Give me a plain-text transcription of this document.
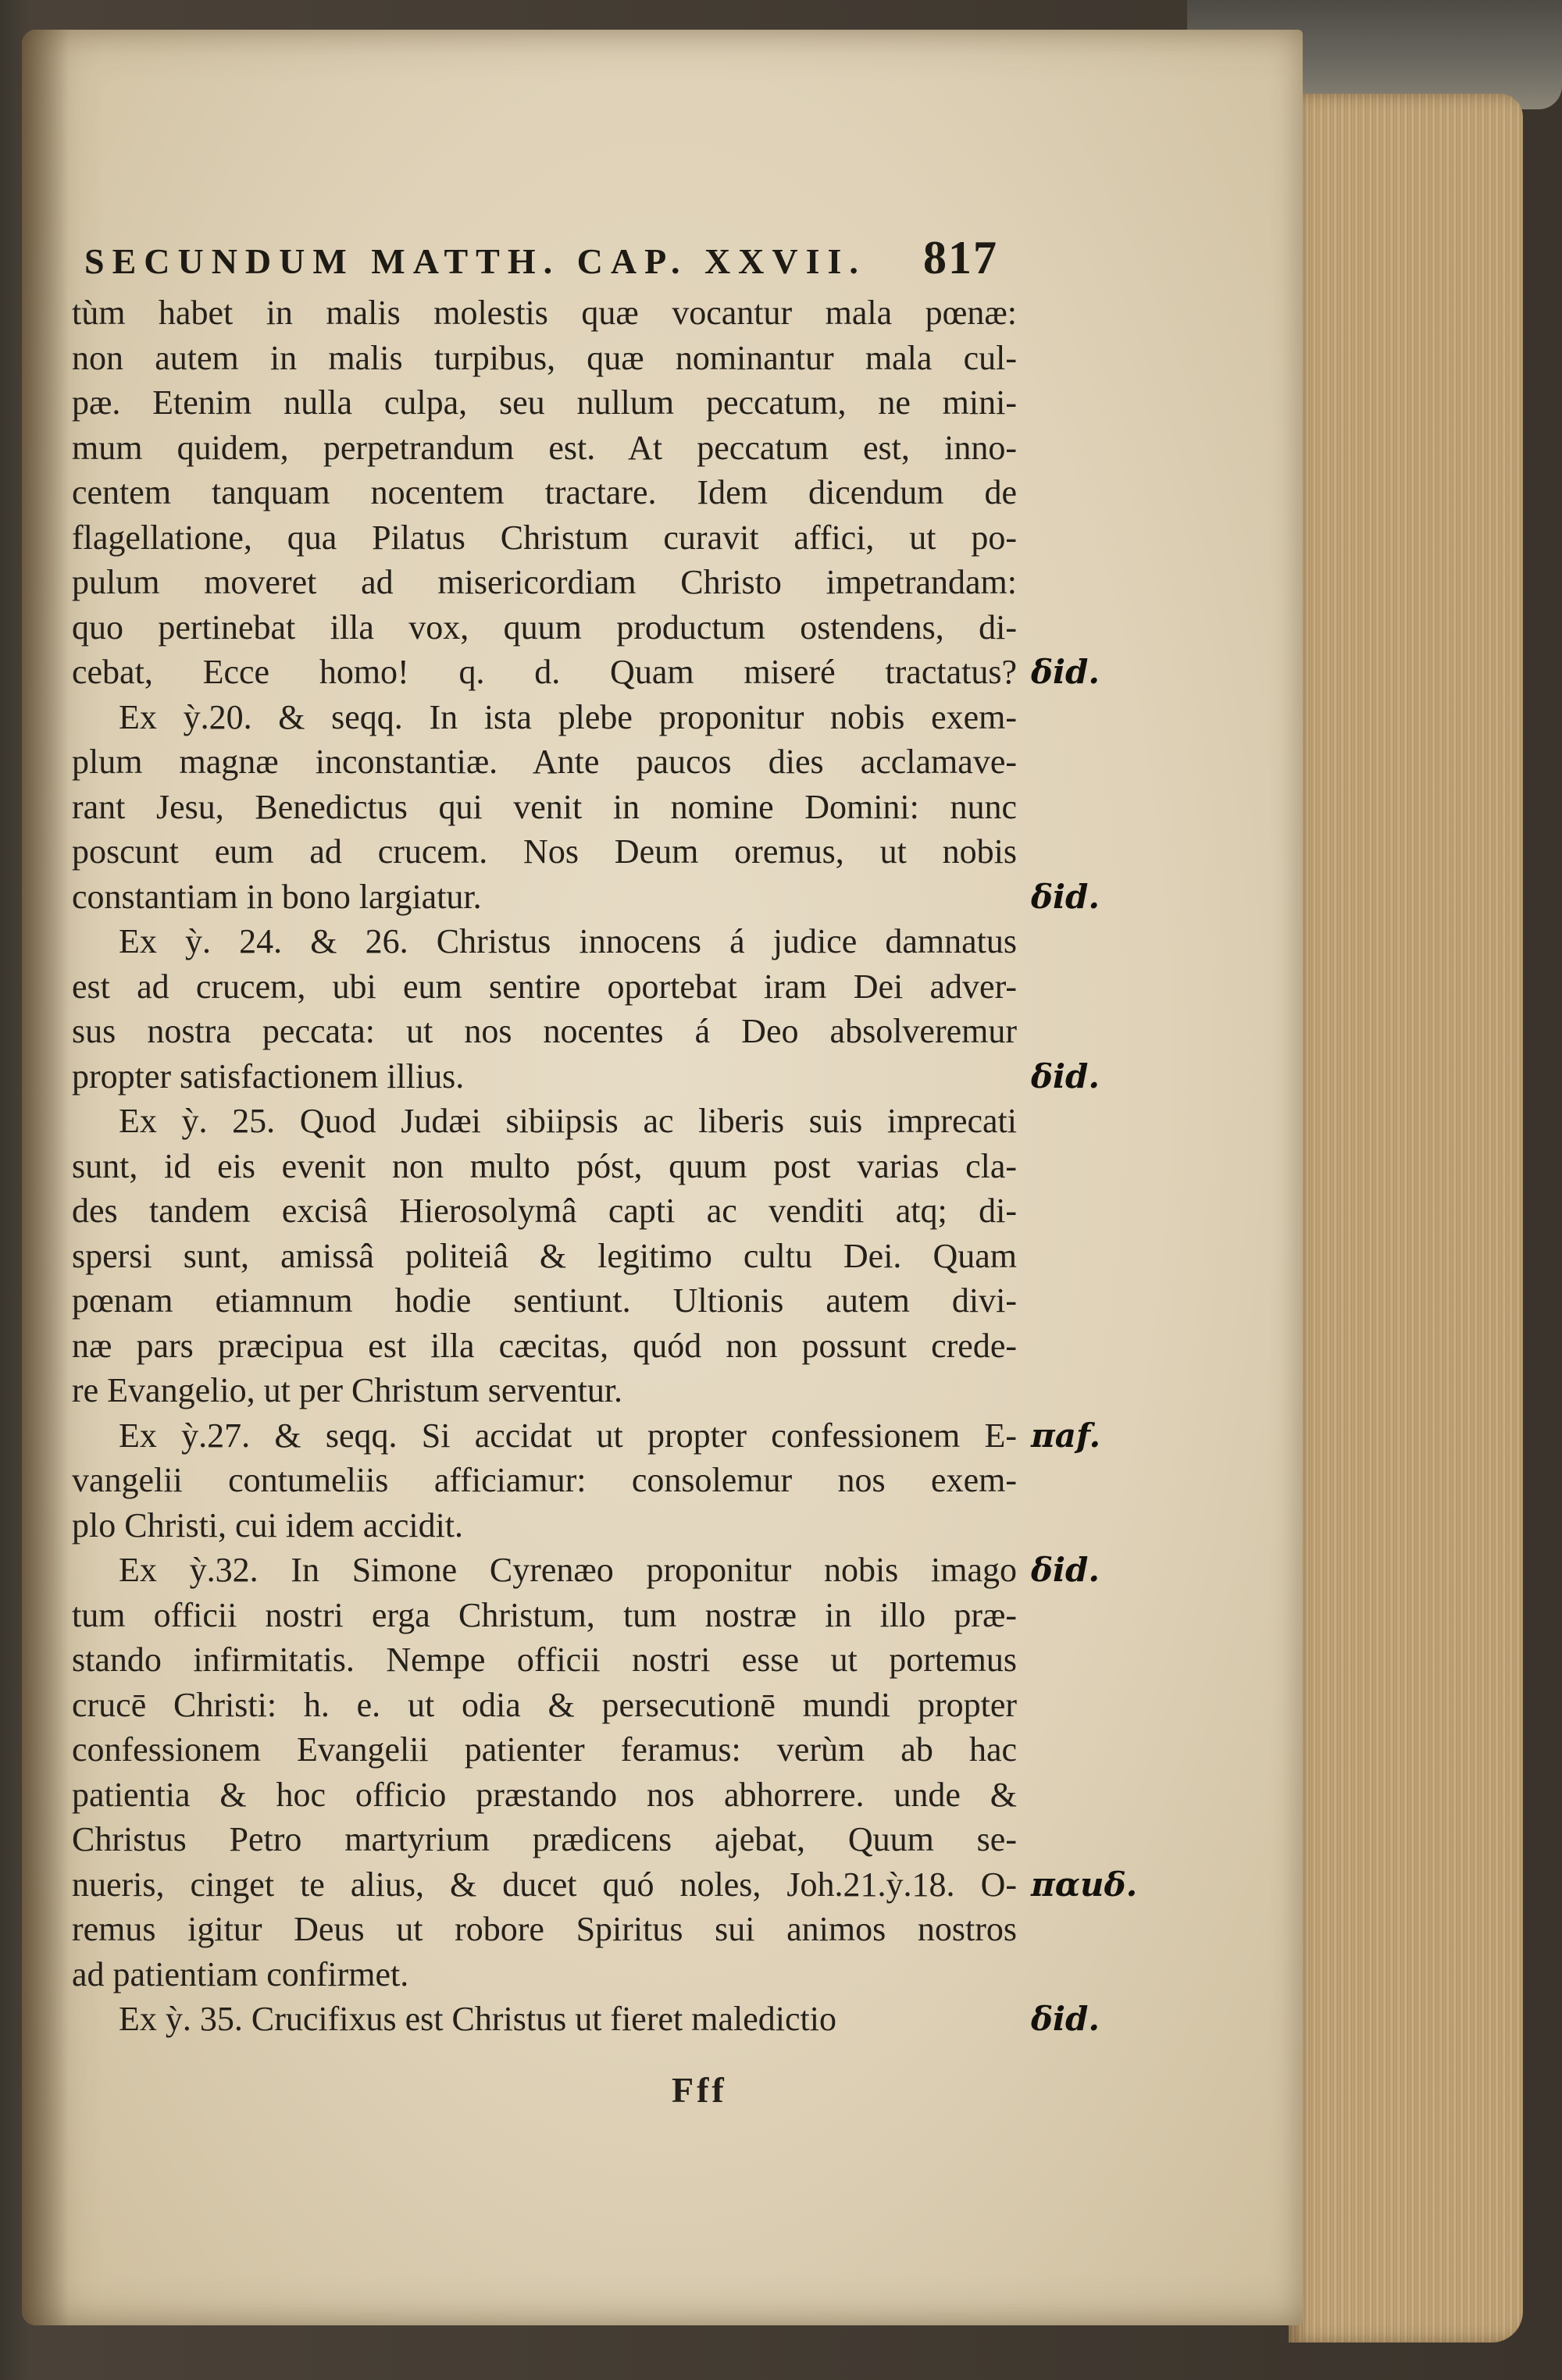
SECUNDUM MATTH. CAP. XXVII. 817
tùm habet in malis molestis quæ vocantur mala pœnæ:
non autem in malis turpibus, quæ nominantur mala cul-
pæ. Etenim nulla culpa, seu nullum peccatum, ne mini-
mum quidem, perpetrandum est. At peccatum est, inno-
centem tanquam nocentem tractare. Idem dicendum de
flagellatione, qua Pilatus Christum curavit affici, ut po-
pulum moveret ad misericordiam Christo impetrandam:
quo pertinebat illa vox, quum productum ostendens, di-
cebat, Ecce homo! q. d. Quam miseré tractatus?
Ex ỳ.20. & seqq. In ista plebe proponitur nobis exem-
plum magnæ inconstantiæ. Ante paucos dies acclamave-
rant Jesu, Benedictus qui venit in nomine Domini: nunc
poscunt eum ad crucem. Nos Deum oremus, ut nobis
constantiam in bono largiatur.
Ex ỳ. 24. & 26. Christus innocens á judice damnatus
est ad crucem, ubi eum sentire oportebat iram Dei adver-
sus nostra peccata: ut nos nocentes á Deo absolveremur
propter satisfactionem illius.
Ex ỳ. 25. Quod Judæi sibiipsis ac liberis suis imprecati
sunt, id eis evenit non multo póst, quum post varias cla-
des tandem excisâ Hierosolymâ capti ac venditi atq; di-
spersi sunt, amissâ politeiâ & legitimo cultu Dei. Quam
pœnam etiamnum hodie sentiunt. Ultionis autem divi-
næ pars præcipua est illa cæcitas, quód non possunt crede-
re Evangelio, ut per Christum serventur.
Ex ỳ.27. & seqq. Si accidat ut propter confessionem E-
vangelii contumeliis afficiamur: consolemur nos exem-
plo Christi, cui idem accidit.
Ex ỳ.32. In Simone Cyrenæo proponitur nobis imago
tum officii nostri erga Christum, tum nostræ in illo præ-
stando infirmitatis. Nempe officii nostri esse ut portemus
crucē Christi: h. e. ut odia & persecutionē mundi propter
confessionem Evangelii patienter feramus: verùm ab hac
patientia & hoc officio præstando nos abhorrere. unde &
Christus Petro martyrium prædicens ajebat, Quum se-
nueris, cinget te alius, & ducet quó noles, Joh.21.ỳ.18. O-
remus igitur Deus ut robore Spiritus sui animos nostros
ad patientiam confirmet.
Ex ỳ. 35. Crucifixus est Christus ut fieret maledictio
δid.
δid.
δid.
πaf.
δid.
παuδ.
δid.
Fff
